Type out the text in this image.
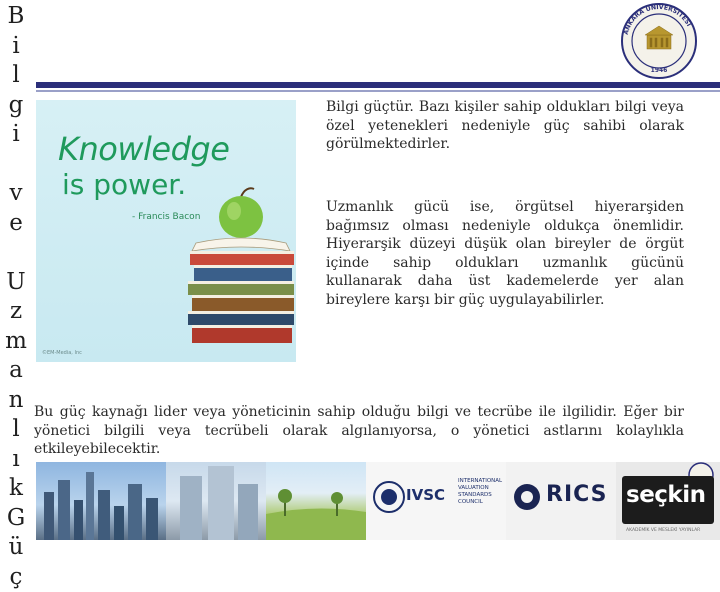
B
i
l
g
i
v
e
U
z
m
a
n
l
ı
k
G
ü
ç
ANKARA ÜNİVERSİTESİ
1946
Knowledge
is power.
- Francis Bacon
©EM-Media, Inc
Bilgi güçtür. Bazı kişiler sahip oldukları bilgi veya özel yetenekleri nedeniyle güç sahibi olarak görülmektedirler.
Uzmanlık gücü ise, örgütsel hiyerarşiden bağımsız olması nedeniyle oldukça önemlidir. Hiyerarşik düzeyi düşük olan bireyler de örgüt içinde sahip oldukları uzmanlık gücünü kullanarak daha üst kademelerde yer alan bireylere karşı bir güç uygulayabilirler.
Bu güç kaynağı lider veya yöneticinin sahip olduğu bilgi ve tecrübe ile ilgilidir. Eğer bir yönetici bilgili veya tecrübeli olarak algılanıyorsa, o yönetici astlarını kolaylıkla etkileyebilecektir.
IVSC
INTERNATIONAL VALUATION STANDARDS COUNCIL	RICS seçkin
AKADEMİK VE MESLEKİ YAYINLAR
